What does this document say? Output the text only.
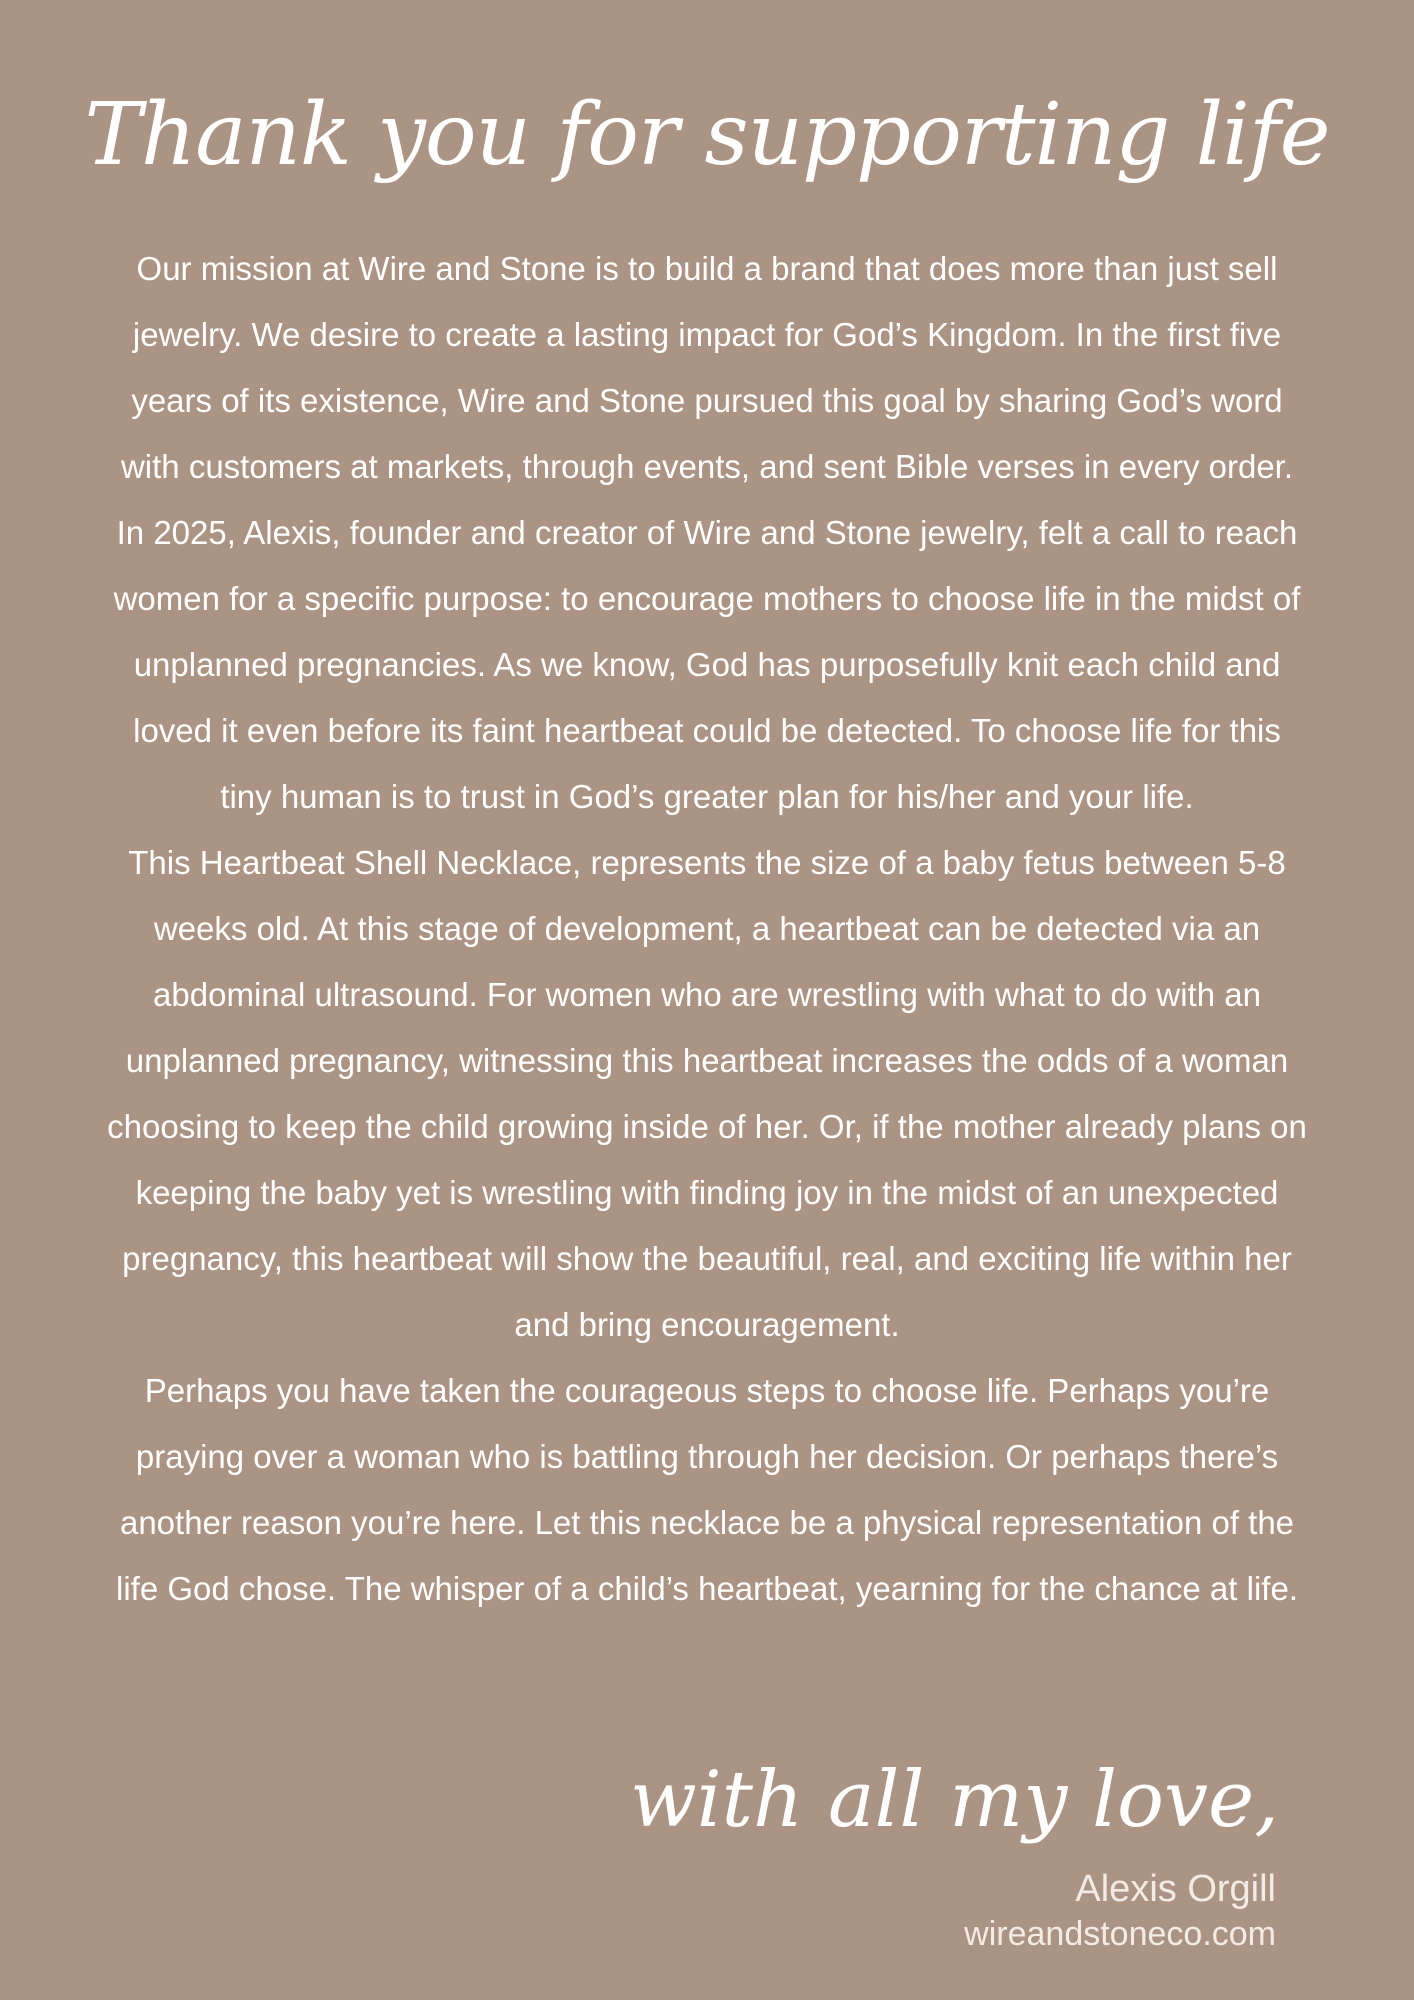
Thank you for supporting life

Our mission at Wire and Stone is to build a brand that does more than just sell jewelry. We desire to create a lasting impact for God’s Kingdom. In the first five years of its existence, Wire and Stone pursued this goal by sharing God’s word with customers at markets, through events, and sent Bible verses in every order. In 2025, Alexis, founder and creator of Wire and Stone jewelry, felt a call to reach women for a specific purpose: to encourage mothers to choose life in the midst of unplanned pregnancies. As we know, God has purposefully knit each child and loved it even before its faint heartbeat could be detected. To choose life for this tiny human is to trust in God’s greater plan for his/her and your life.

This Heartbeat Shell Necklace, represents the size of a baby fetus between 5-8 weeks old. At this stage of development, a heartbeat can be detected via an abdominal ultrasound. For women who are wrestling with what to do with an unplanned pregnancy, witnessing this heartbeat increases the odds of a woman choosing to keep the child growing inside of her. Or, if the mother already plans on keeping the baby yet is wrestling with finding joy in the midst of an unexpected pregnancy, this heartbeat will show the beautiful, real, and exciting life within her and bring encouragement.

Perhaps you have taken the courageous steps to choose life. Perhaps you’re praying over a woman who is battling through her decision. Or perhaps there’s another reason you’re here. Let this necklace be a physical representation of the life God chose. The whisper of a child’s heartbeat, yearning for the chance at life.

with all my love,
Alexis Orgill
wireandstoneco.com
